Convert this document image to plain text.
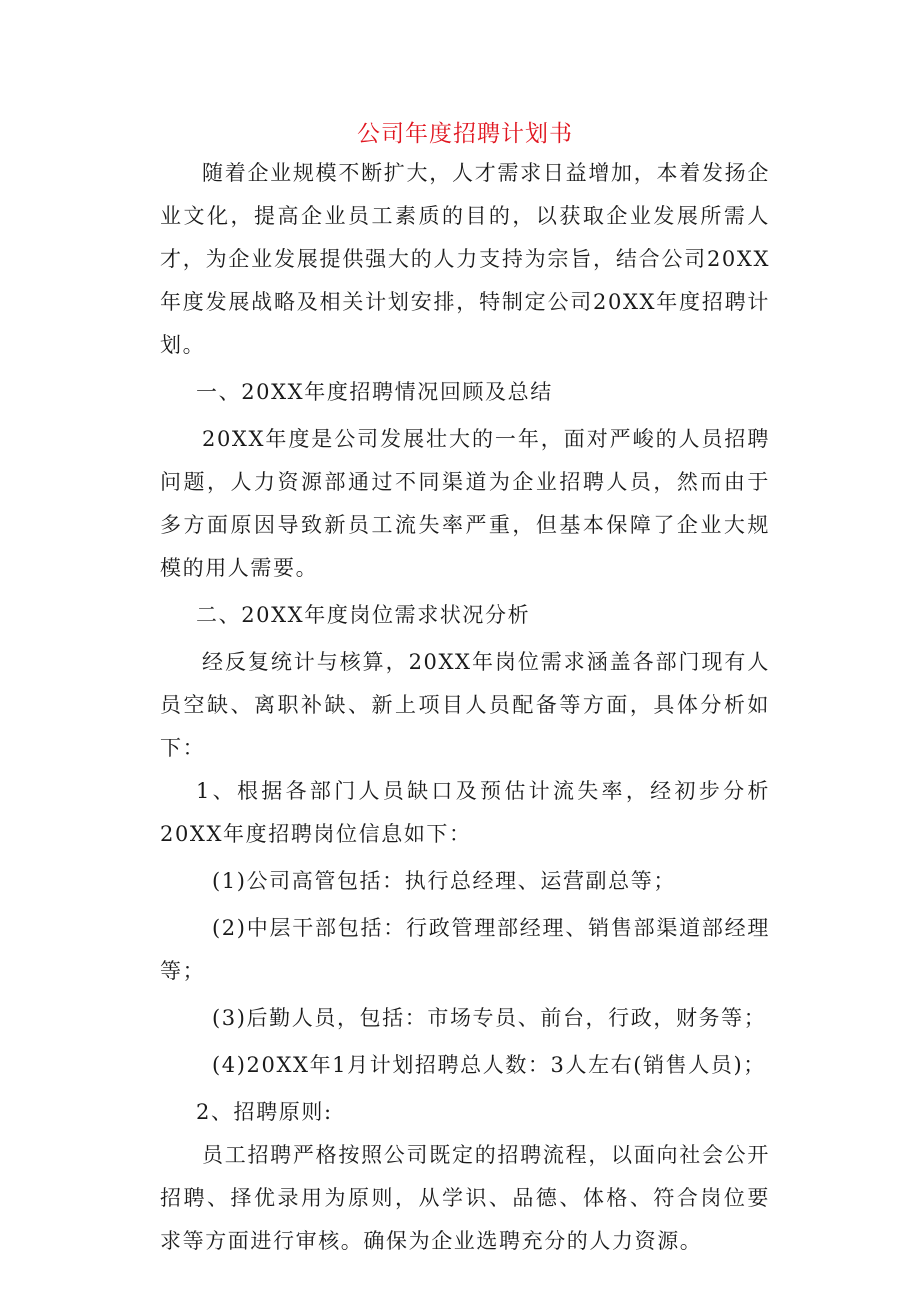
公司年度招聘计划书

随着企业规模不断扩大，人才需求日益增加，本着发扬企业文化，提高企业员工素质的目的，以获取企业发展所需人才，为企业发展提供强大的人力支持为宗旨，结合公司20XX年度发展战略及相关计划安排，特制定公司20XX年度招聘计划。

一、20XX年度招聘情况回顾及总结

20XX年度是公司发展壮大的一年，面对严峻的人员招聘问题，人力资源部通过不同渠道为企业招聘人员，然而由于多方面原因导致新员工流失率严重，但基本保障了企业大规模的用人需要。

二、20XX年度岗位需求状况分析

经反复统计与核算，20XX年岗位需求涵盖各部门现有人员空缺、离职补缺、新上项目人员配备等方面，具体分析如下：

1、根据各部门人员缺口及预估计流失率，经初步分析20XX年度招聘岗位信息如下：

(1)公司高管包括：执行总经理、运营副总等；

(2)中层干部包括：行政管理部经理、销售部渠道部经理等；

(3)后勤人员，包括：市场专员、前台，行政，财务等；

(4)20XX年1月计划招聘总人数：3人左右(销售人员)；

2、招聘原则:

员工招聘严格按照公司既定的招聘流程，以面向社会公开招聘、择优录用为原则，从学识、品德、体格、符合岗位要求等方面进行审核。确保为企业选聘充分的人力资源。
